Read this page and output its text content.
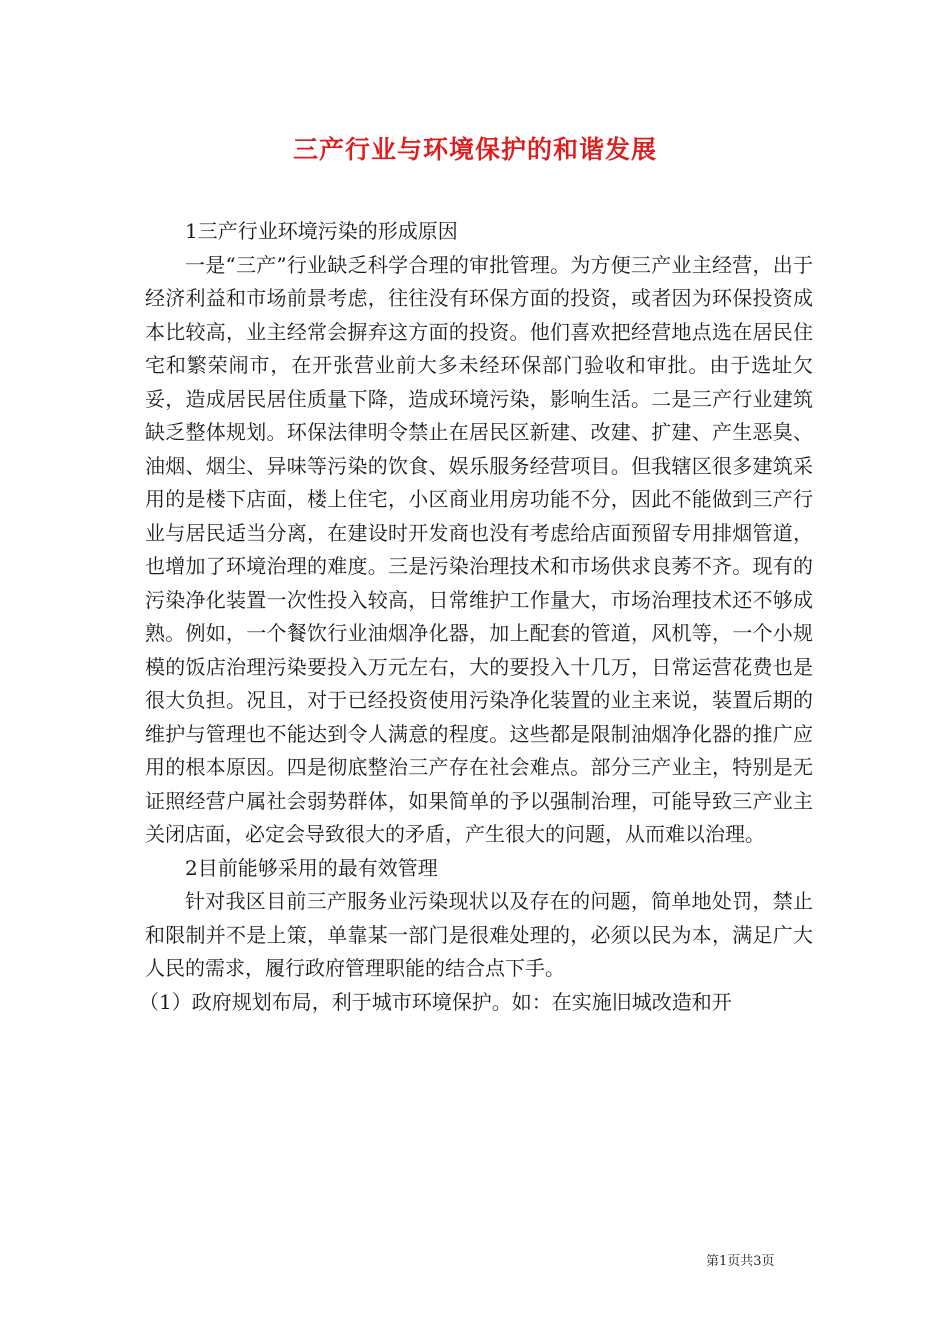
三产行业与环境保护的和谐发展

1三产行业环境污染的形成原因

一是“三产”行业缺乏科学合理的审批管理。为方便三产业主经营，出于经济利益和市场前景考虑，往往没有环保方面的投资，或者因为环保投资成本比较高，业主经常会摒弃这方面的投资。他们喜欢把经营地点选在居民住宅和繁荣闹市，在开张营业前大多未经环保部门验收和审批。由于选址欠妥，造成居民居住质量下降，造成环境污染，影响生活。二是三产行业建筑缺乏整体规划。环保法律明令禁止在居民区新建、改建、扩建、产生恶臭、油烟、烟尘、异味等污染的饮食、娱乐服务经营项目。但我辖区很多建筑采用的是楼下店面，楼上住宅，小区商业用房功能不分，因此不能做到三产行业与居民适当分离，在建设时开发商也没有考虑给店面预留专用排烟管道，也增加了环境治理的难度。三是污染治理技术和市场供求良莠不齐。现有的污染净化装置一次性投入较高，日常维护工作量大，市场治理技术还不够成熟。例如，一个餐饮行业油烟净化器，加上配套的管道，风机等，一个小规模的饭店治理污染要投入万元左右，大的要投入十几万，日常运营花费也是很大负担。况且，对于已经投资使用污染净化装置的业主来说，装置后期的维护与管理也不能达到令人满意的程度。这些都是限制油烟净化器的推广应用的根本原因。四是彻底整治三产存在社会难点。部分三产业主，特别是无证照经营户属社会弱势群体，如果简单的予以强制治理，可能导致三产业主关闭店面，必定会导致很大的矛盾，产生很大的问题，从而难以治理。

2目前能够采用的最有效管理

针对我区目前三产服务业污染现状以及存在的问题，简单地处罚，禁止和限制并不是上策，单靠某一部门是很难处理的，必须以民为本，满足广大人民的需求，履行政府管理职能的结合点下手。

（1）政府规划布局，利于城市环境保护。如：在实施旧城改造和开

第1页共3页
